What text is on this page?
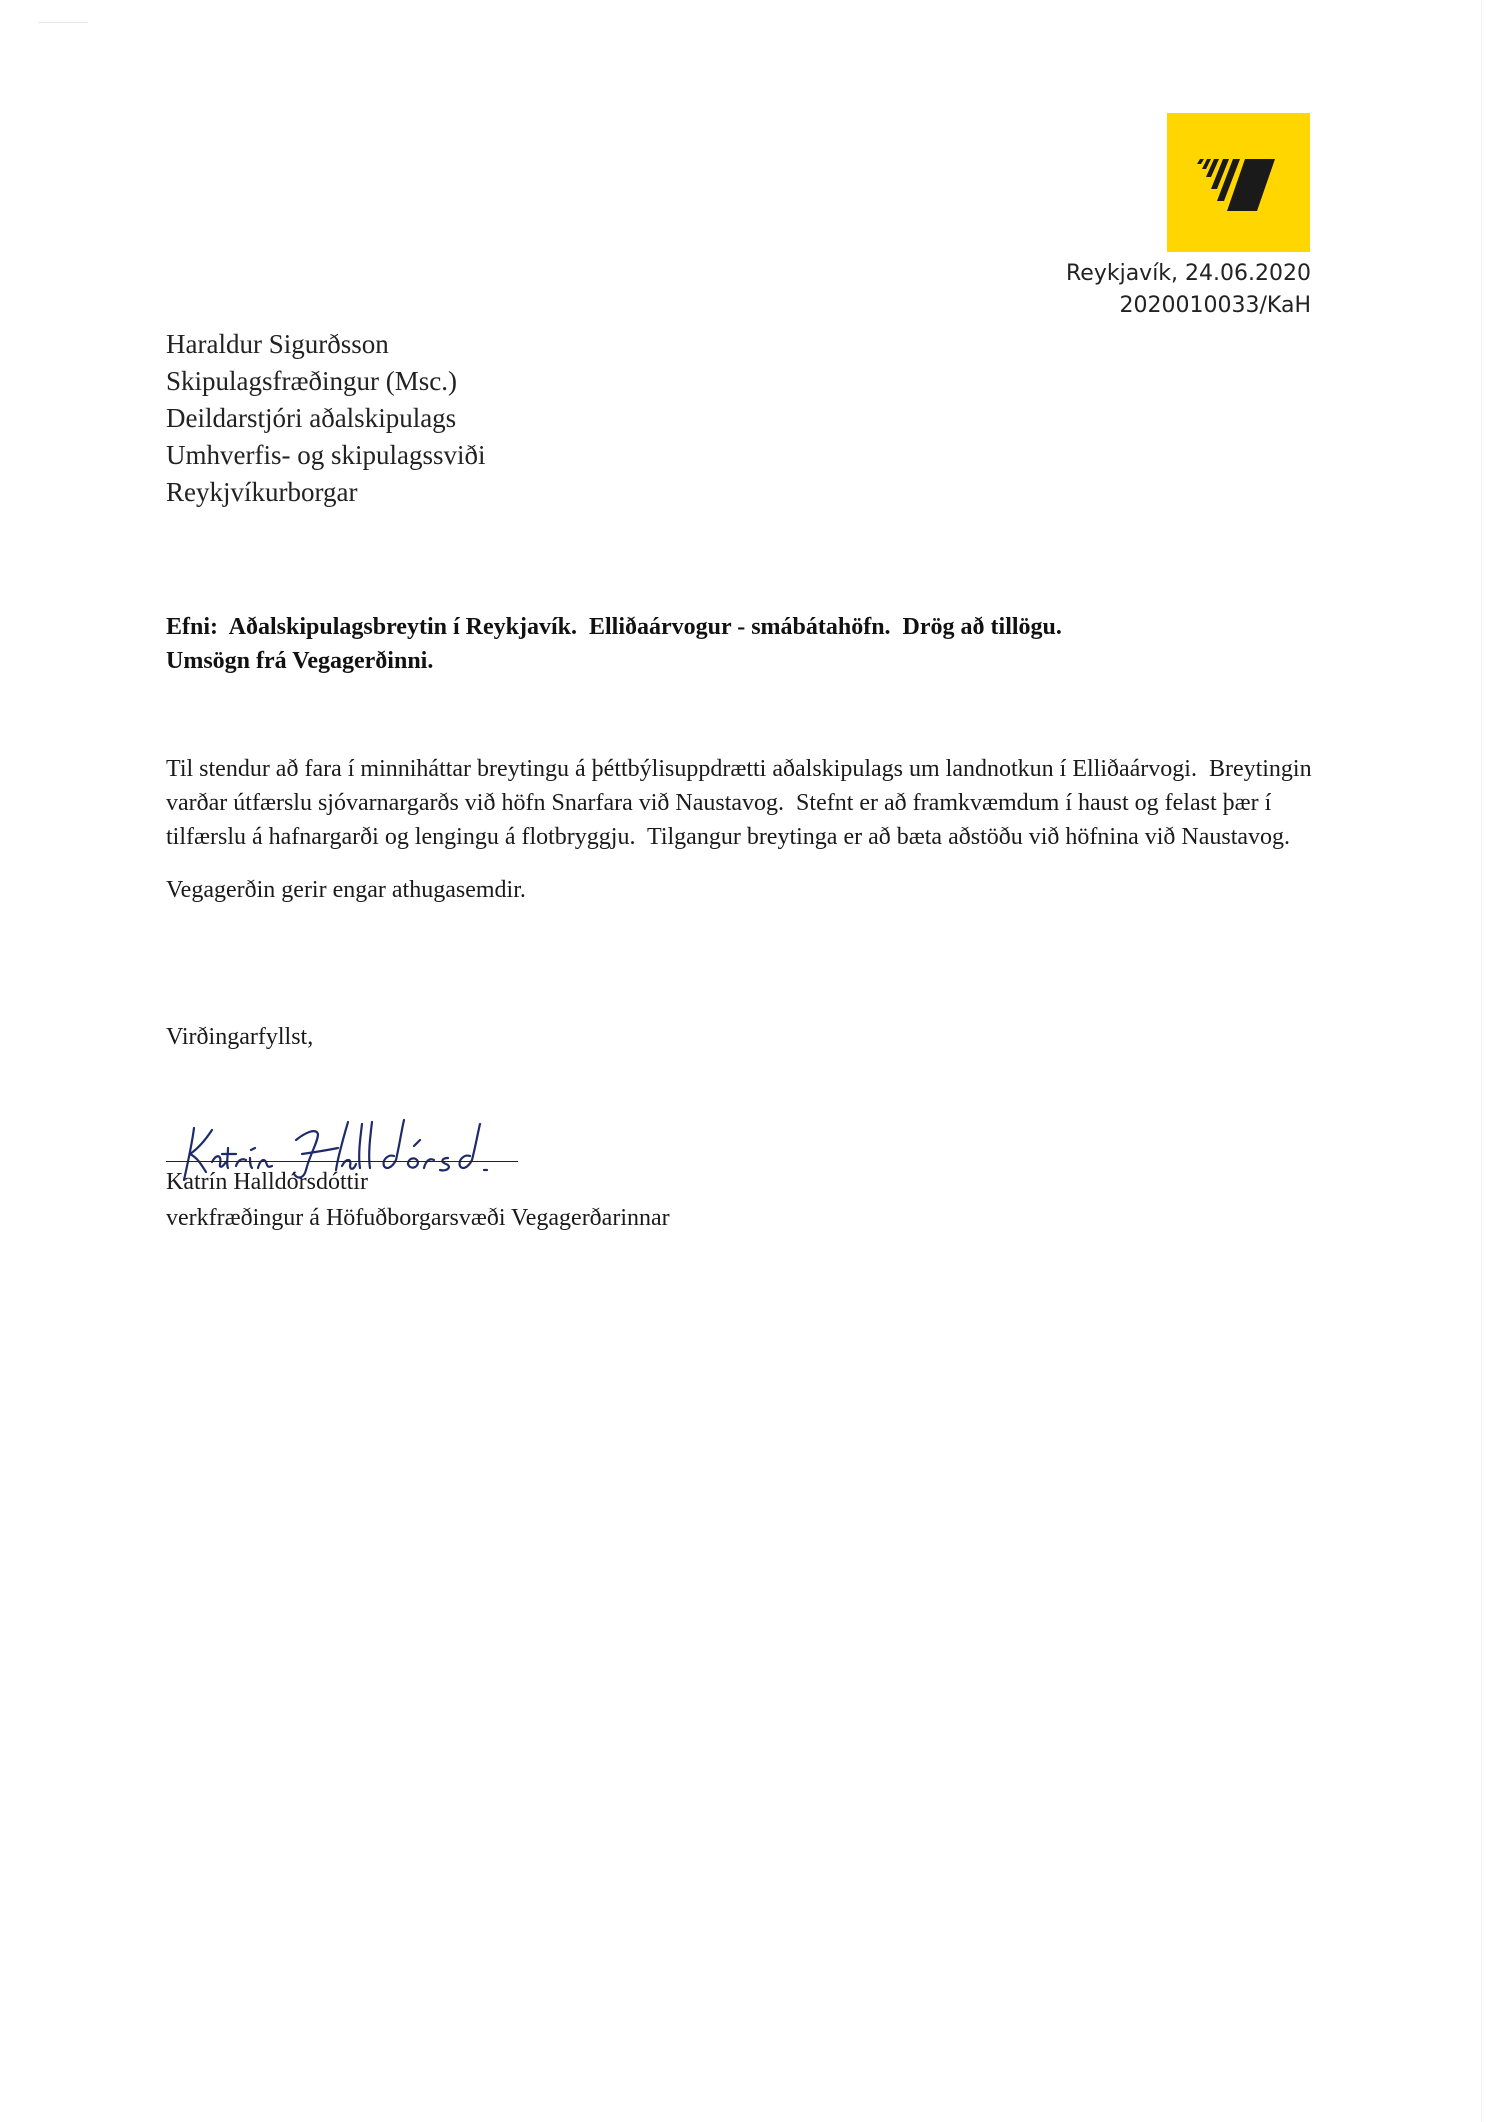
Reykjavík, 24.06.2020
2020010033/KaH
Haraldur Sigurðsson
Skipulagsfræðingur (Msc.)
Deildarstjóri aðalskipulags
Umhverfis- og skipulagssviði
Reykjvíkurborgar
Efni:  Aðalskipulagsbreytin í Reykjavík.  Elliðaárvogur - smábátahöfn.  Drög að tillögu.
Umsögn frá Vegagerðinni.

Til stendur að fara í minniháttar breytingu á þéttbýlisuppdrætti aðalskipulags um landnotkun í Elliðaárvogi.  Breytingin varðar útfærslu sjóvarnargarðs við höfn Snarfara við Naustavog.  Stefnt er að framkvæmdum í haust og felast þær í tilfærslu á hafnargarði og lengingu á flotbryggju.  Tilgangur breytinga er að bæta aðstöðu við höfnina við Naustavog.

Vegagerðin gerir engar athugasemdir.

Virðingarfyllst,
Katrín Halldórsdóttir
verkfræðingur á Höfuðborgarsvæði Vegagerðarinnar
